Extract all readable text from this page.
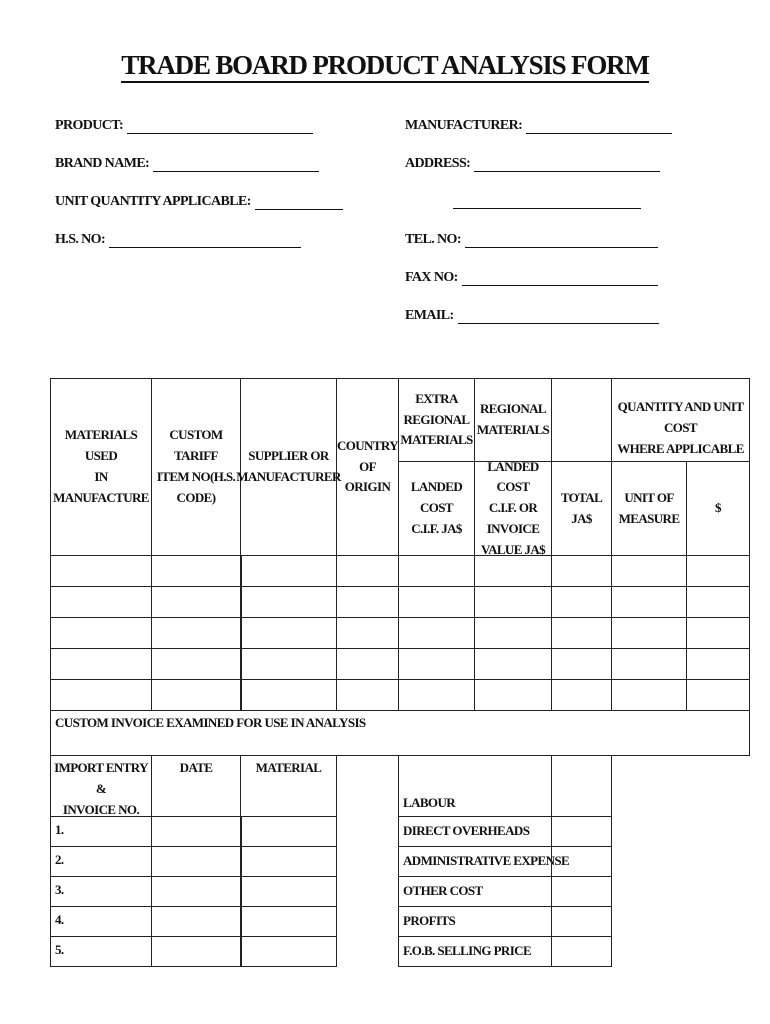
TRADE BOARD PRODUCT ANALYSIS FORM
PRODUCT:
BRAND NAME:
UNIT QUANTITY APPLICABLE:
H.S. NO:
MANUFACTURER:
ADDRESS:
TEL. NO:
FAX NO:
EMAIL:
MATERIALS USED
IN MANUFACTURE
CUSTOM TARIFF
ITEM NO(H.S.
CODE)
SUPPLIER OR
MANUFACTURER
COUNTRY
OF ORIGIN
EXTRA
REGIONAL
MATERIALS
REGIONAL
MATERIALS
QUANTITY AND UNIT COST
WHERE APPLICABLE
LANDED COST
C.I.F. JA$
LANDED COST
C.I.F. OR
INVOICE
VALUE JA$
TOTAL JA$
UNIT OF
MEASURE
$
CUSTOM INVOICE EXAMINED FOR USE IN ANALYSIS
IMPORT ENTRY &
INVOICE NO.
DATE	MATERIAL
1.
2.
3.
4.
5.
LABOUR
DIRECT OVERHEADS
ADMINISTRATIVE EXPENSE
OTHER COST
PROFITS
F.O.B. SELLING PRICE
